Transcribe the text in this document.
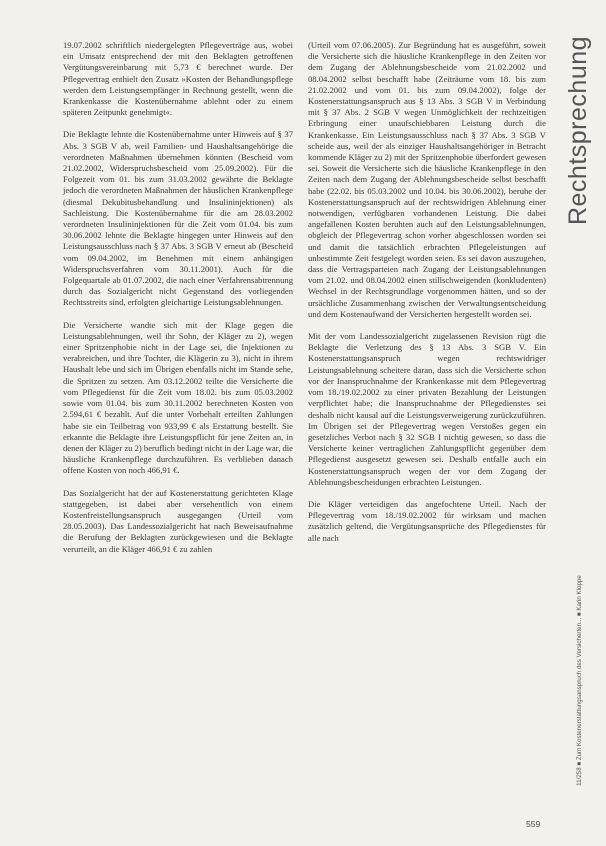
19.07.2002 schriftlich niedergelegten Pflegeverträge aus, wobei ein Umsatz entsprechend der mit den Beklagten getroffenen Vergütungsvereinbarung mit 5,73 € berechnet wurde. Der Pflegevertrag enthielt den Zusatz »Kosten der Behandlungspflege werden dem Leistungsempfänger in Rechnung gestellt, wenn die Krankenkasse die Kostenübernahme ablehnt oder zu einem späteren Zeitpunkt genehmigt«.

Die Beklagte lehnte die Kostenübernahme unter Hinweis auf § 37 Abs. 3 SGB V ab, weil Familien- und Haushaltsangehörige die verordneten Maßnahmen übernehmen könnten (Bescheid vom 21.02.2002, Widerspruchsbescheid vom 25.09.2002). Für die Folgezeit vom 01. bis zum 31.03.2002 gewährte die Beklagte jedoch die verordneten Maßnahmen der häuslichen Krankenpflege (diesmal Dekubitusbehandlung und Insulininjektionen) als Sachleistung. Die Kostenübernahme für die am 28.03.2002 verordneten Insulininjektionen für die Zeit vom 01.04. bis zum 30.06.2002 lehnte die Beklagte hingegen unter Hinweis auf den Leistungsausschluss nach § 37 Abs. 3 SGB V erneut ab (Bescheid vom 09.04.2002, im Benehmen mit einem anhängigen Widerspruchsverfahren vom 30.11.2001). Auch für die Folgequartale ab 01.07.2002, die nach einer Verfahrensabtrennung durch das Sozialgericht nicht Gegenstand des vorliegenden Rechtsstreits sind, erfolgten gleichartige Leistungsablehnungen.

Die Versicherte wandte sich mit der Klage gegen die Leistungsablehnungen, weil ihr Sohn, der Kläger zu 2), wegen einer Spritzenphobie nicht in der Lage sei, die Injektionen zu verabreichen, und ihre Tochter, die Klägerin zu 3), nicht in ihrem Haushalt lebe und sich im Übrigen ebenfalls nicht im Stande sehe, die Spritzen zu setzen. Am 03.12.2002 teilte die Versicherte die vom Pflegedienst für die Zeit vom 18.02. bis zum 05.03.2002 sowie vom 01.04. bis zum 30.11.2002 berechneten Kosten von 2.594,61 € bezahlt. Auf die unter Vorbehalt erteilten Zahlungen habe sie ein Teilbetrag von 933,99 € als Erstattung bestellt. Sie erkannte die Beklagte ihre Leistungspflicht für jene Zeiten an, in denen der Kläger zu 2) beruflich bedingt nicht in der Lage war, die häusliche Krankenpflege durchzuführen. Es verblieben danach offene Kosten von noch 466,91 €.

Das Sozialgericht hat der auf Kostenerstattung gerichteten Klage stattgegeben, ist dabei aber versehentlich von einem Kostenfreistellungsanspruch ausgegangen (Urteil vom 28.05.2003). Das Landessozialgericht hat nach Beweisaufnahme die Berufung der Beklagten zurückgewiesen und die Beklagte verurteilt, an die Kläger 466,91 € zu zahlen

(Urteil vom 07.06.2005). Zur Begründung hat es ausgeführt, soweit die Versicherte sich die häusliche Krankenpflege in den Zeiten vor dem Zugang der Ablehnungsbescheide vom 21.02.2002 und 08.04.2002 selbst beschafft habe (Zeiträume vom 18. bis zum 21.02.2002 und vom 01. bis zum 09.04.2002), folge der Kostenerstattungsanspruch aus § 13 Abs. 3 SGB V in Verbindung mit § 37 Abs. 2 SGB V wegen Unmöglichkeit der rechtzeitigen Erbringung einer unaufschiebbaren Leistung durch die Krankenkasse. Ein Leistungsausschluss nach § 37 Abs. 3 SGB V scheide aus, weil der als einziger Haushaltsangehöriger in Betracht kommende Kläger zu 2) mit der Spritzenphobie überfordert gewesen sei. Soweit die Versicherte sich die häusliche Krankenpflege in den Zeiten nach dem Zugang der Ablehnungsbescheide selbst beschafft habe (22.02. bis 05.03.2002 und 10.04. bis 30.06.2002), beruhe der Kostenerstattungsanspruch auf der rechtswidrigen Ablehnung einer notwendigen, verfügbaren vorhandenen Leistung. Die dabei angefallenen Kosten beruhten auch auf den Leistungsablehnungen, obgleich der Pflegevertrag schon vorher abgeschlossen worden sei und damit die tatsächlich erbrachten Pflegeleistungen auf unbestimmte Zeit festgelegt worden seien. Es sei davon auszugehen, dass die Vertragsparteien nach Zugang der Leistungsablehnungen vom 21.02. und 08.04.2002 einen stillschweigenden (konkludenten) Wechsel in der Rechtsgrundlage vorgenommen hätten, und so der ursächliche Zusammenhang zwischen der Verwaltungsentscheidung und dem Kostenaufwand der Versicherten hergestellt worden sei.

Mit der vom Landessozialgericht zugelassenen Revision rügt die Beklagte die Verletzung des § 13 Abs. 3 SGB V. Ein Kostenerstattungsanspruch wegen rechtswidriger Leistungsablehnung scheitere daran, dass sich die Versicherte schon vor der Inanspruchnahme der Krankenkasse mit dem Pflegevertrag vom 18./19.02.2002 zu einer privaten Bezahlung der Leistungen verpflichtet habe; die Inanspruchnahme der Pflegedienstes sei deshalb nicht kausal auf die Leistungsverweigerung zurückzuführen. Im Übrigen sei der Pflegevertrag wegen Verstoßes gegen ein gesetzliches Verbot nach § 32 SGB I nichtig gewesen, so dass die Versicherte keiner vertraglichen Zahlungspflicht gegenüber dem Pflegedienst ausgesetzt gewesen sei. Deshalb entfalle auch ein Kostenerstattungsanspruch wegen der vor dem Zugang der Ablehnungsbescheidungen erbrachten Leistungen.

Die Kläger verteidigen das angefochtene Urteil. Nach der Pflegevertrag vom 18./19.02.2002 für wirksam und machen zusätzlich geltend, die Vergütungsansprüche des Pflegedienstes für alle nach

Rechtsprechung
11/258 ■ Zum Kostenerstattungsanspruch des Versicherten... ■ Karin Kloppe
559
